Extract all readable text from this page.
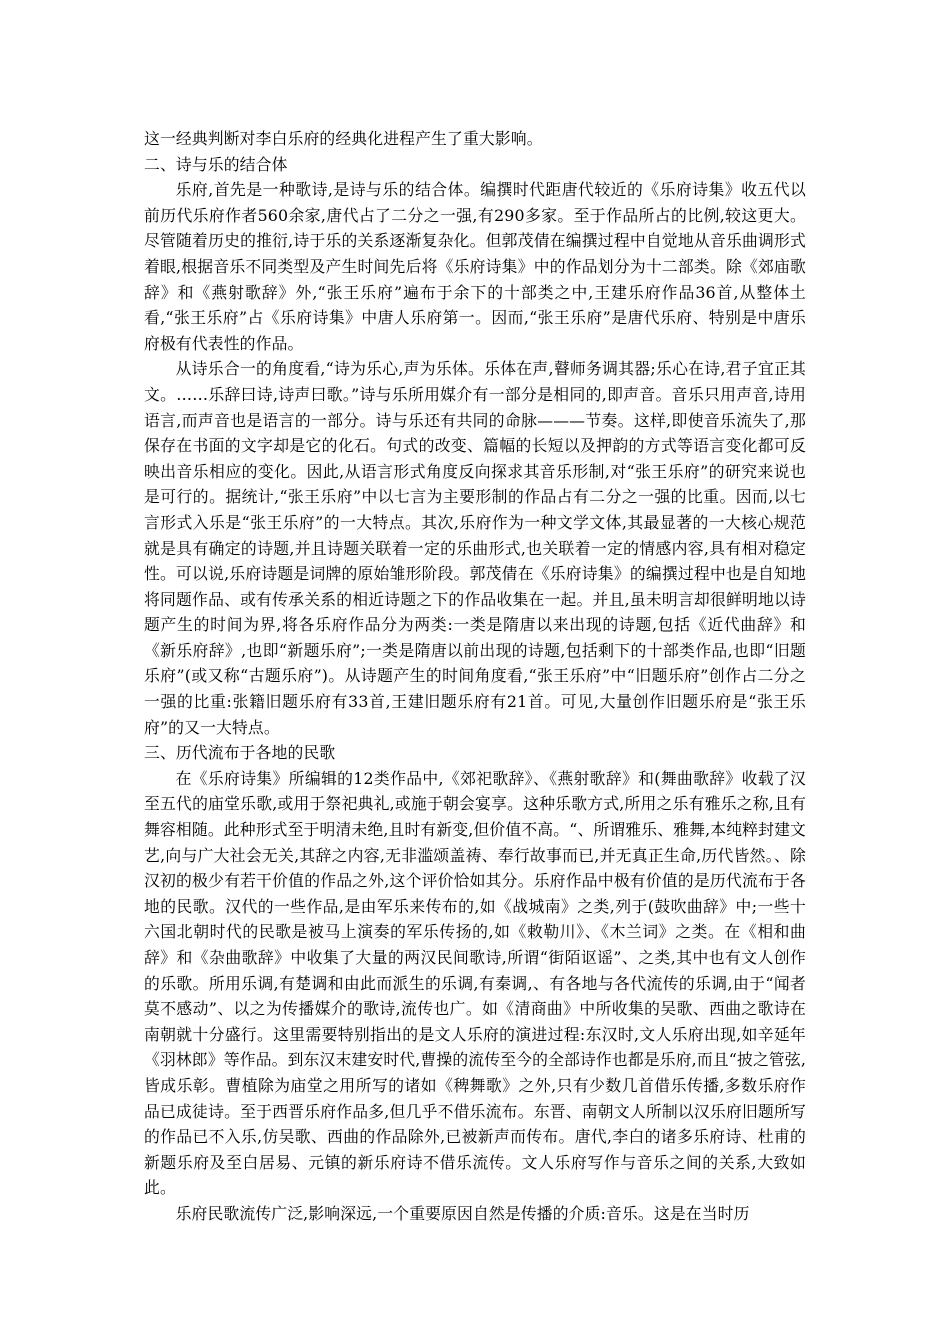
这一经典判断对李白乐府的经典化进程产生了重大影响。

二、诗与乐的结合体

乐府,首先是一种歌诗,是诗与乐的结合体。编撰时代距唐代较近的《乐府诗集》收五代以前历代乐府作者560余家,唐代占了二分之一强,有290多家。至于作品所占的比例,较这更大。尽管随着历史的推衍,诗于乐的关系逐渐复杂化。但郭茂倩在编撰过程中自觉地从音乐曲调形式着眼,根据音乐不同类型及产生时间先后将《乐府诗集》中的作品划分为十二部类。除《郊庙歌辞》和《燕射歌辞》外,“张王乐府”遍布于余下的十部类之中,王建乐府作品36首,从整体土看,“张王乐府”占《乐府诗集》中唐人乐府第一。因而,“张王乐府”是唐代乐府、特别是中唐乐府极有代表性的作品。

从诗乐合一的角度看,“诗为乐心,声为乐体。乐体在声,瞽师务调其器;乐心在诗,君子宜正其文。……乐辞曰诗,诗声曰歌。”诗与乐所用媒介有一部分是相同的,即声音。音乐只用声音,诗用语言,而声音也是语言的一部分。诗与乐还有共同的命脉———节奏。这样,即使音乐流失了,那保存在书面的文字却是它的化石。句式的改变、篇幅的长短以及押韵的方式等语言变化都可反映出音乐相应的变化。因此,从语言形式角度反向探求其音乐形制,对“张王乐府”的研究来说也是可行的。据统计,“张王乐府”中以七言为主要形制的作品占有二分之一强的比重。因而,以七言形式入乐是“张王乐府”的一大特点。其次,乐府作为一种文学文体,其最显著的一大核心规范就是具有确定的诗题,并且诗题关联着一定的乐曲形式,也关联着一定的情感内容,具有相对稳定性。可以说,乐府诗题是词牌的原始雏形阶段。郭茂倩在《乐府诗集》的编撰过程中也是自知地将同题作品、或有传承关系的相近诗题之下的作品收集在一起。并且,虽未明言却很鲜明地以诗题产生的时间为界,将各乐府作品分为两类:一类是隋唐以来出现的诗题,包括《近代曲辞》和《新乐府辞》,也即“新题乐府”;一类是隋唐以前出现的诗题,包括剩下的十部类作品,也即“旧题乐府”(或又称“古题乐府”)。从诗题产生的时间角度看,“张王乐府”中“旧题乐府”创作占二分之一强的比重:张籍旧题乐府有33首,王建旧题乐府有21首。可见,大量创作旧题乐府是“张王乐府”的又一大特点。

三、历代流布于各地的民歌

在《乐府诗集》所编辑的12类作品中,《郊祀歌辞》、《燕射歌辞》和(舞曲歌辞》收载了汉至五代的庙堂乐歌,或用于祭祀典礼,或施于朝会宴享。这种乐歌方式,所用之乐有雅乐之称,且有舞容相随。此种形式至于明清未绝,且时有新变,但价值不高。“、所谓雅乐、雅舞,本纯粹封建文艺,向与广大社会无关,其辞之内容,无非滥颂盖祷、奉行故事而已,并无真正生命,历代皆然。、除汉初的极少有若干价值的作品之外,这个评价恰如其分。乐府作品中极有价值的是历代流布于各地的民歌。汉代的一些作品,是由军乐来传布的,如《战城南》之类,列于(鼓吹曲辞》中;一些十六国北朝时代的民歌是被马上演奏的军乐传扬的,如《敕勒川》、《木兰词》之类。在《相和曲辞》和《杂曲歌辞》中收集了大量的两汉民间歌诗,所谓“街陌讴谣”、之类,其中也有文人创作的乐歌。所用乐调,有楚调和由此而派生的乐调,有秦调,、有各地与各代流传的乐调,由于“闻者莫不感动”、以之为传播媒介的歌诗,流传也广。如《清商曲》中所收集的吴歌、西曲之歌诗在南朝就十分盛行。这里需要特别指出的是文人乐府的演进过程:东汉时,文人乐府出现,如辛延年《羽林郎》等作品。到东汉末建安时代,曹操的流传至今的全部诗作也都是乐府,而且“披之管弦,皆成乐彰。曹植除为庙堂之用所写的诸如《稗舞歌》之外,只有少数几首借乐传播,多数乐府作品已成徒诗。至于西晋乐府作品多,但几乎不借乐流布。东晋、南朝文人所制以汉乐府旧题所写的作品已不入乐,仿吴歌、西曲的作品除外,已被新声而传布。唐代,李白的诸多乐府诗、杜甫的新题乐府及至白居易、元镇的新乐府诗不借乐流传。文人乐府写作与音乐之间的关系,大致如此。

乐府民歌流传广泛,影响深远,一个重要原因自然是传播的介质:音乐。这是在当时历
